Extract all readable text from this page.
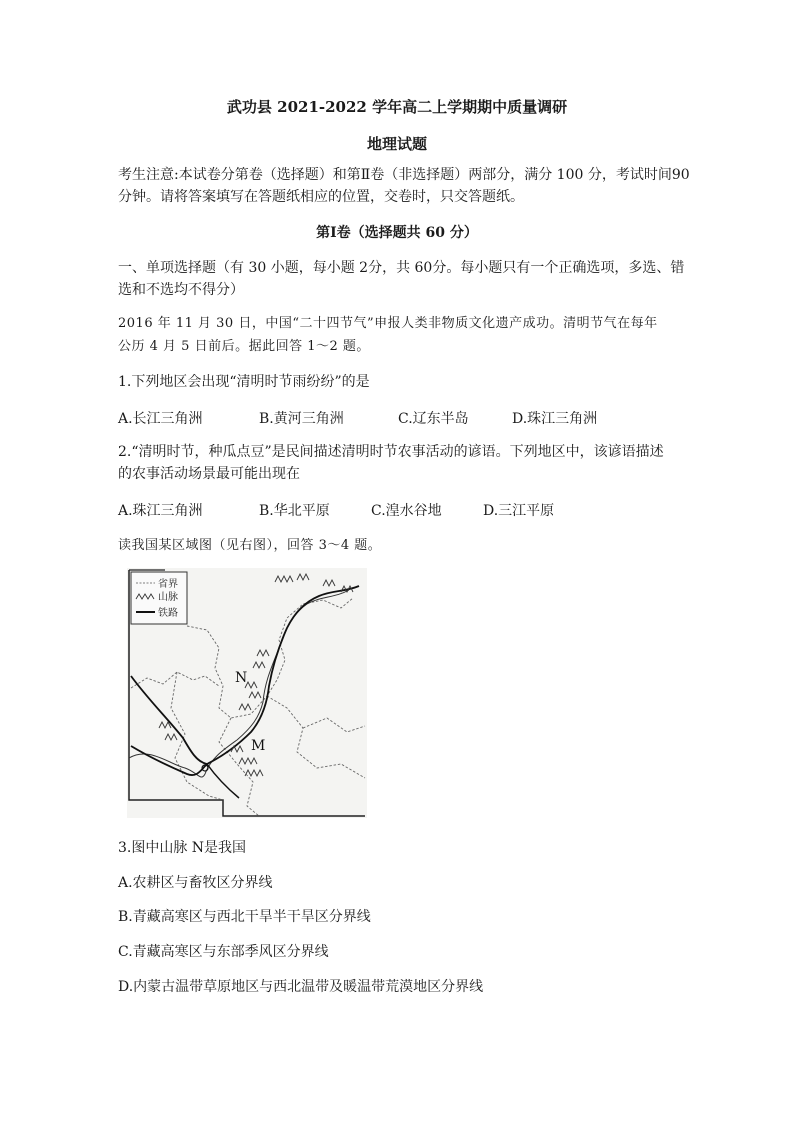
武功县 2021-2022 学年高二上学期期中质量调研
地理试题
考生注意:本试卷分第卷（选择题）和第Ⅱ卷（非选择题）两部分，满分 100 分，考试时间90
分钟。请将答案填写在答题纸相应的位置，交卷时，只交答题纸。
第Ⅰ卷（选择题共 60 分）
一、单项选择题（有 30 小题，每小题 2分，共 60分。每小题只有一个正确选项，多选、错
选和不选均不得分）
2016 年 11 月 30 日，中国“二十四节气”申报人类非物质文化遗产成功。清明节气在每年
公历 4 月 5 日前后。据此回答 1～2 题。
1.下列地区会出现“清明时节雨纷纷”的是
A.长江三角洲	B.黄河三角洲	C.辽东半岛	D.珠江三角洲
2.“清明时节，种瓜点豆”是民间描述清明时节农事活动的谚语。下列地区中，该谚语描述
的农事活动场景最可能出现在
A.珠江三角洲	B.华北平原	C.湟水谷地	D.三江平原
读我国某区域图（见右图），回答 3～4 题。
省界
山脉
铁路
N
M
3.图中山脉 N是我国
A.农耕区与畜牧区分界线
B.青藏高寒区与西北干旱半干旱区分界线
C.青藏高寒区与东部季风区分界线
D.内蒙古温带草原地区与西北温带及暖温带荒漠地区分界线
